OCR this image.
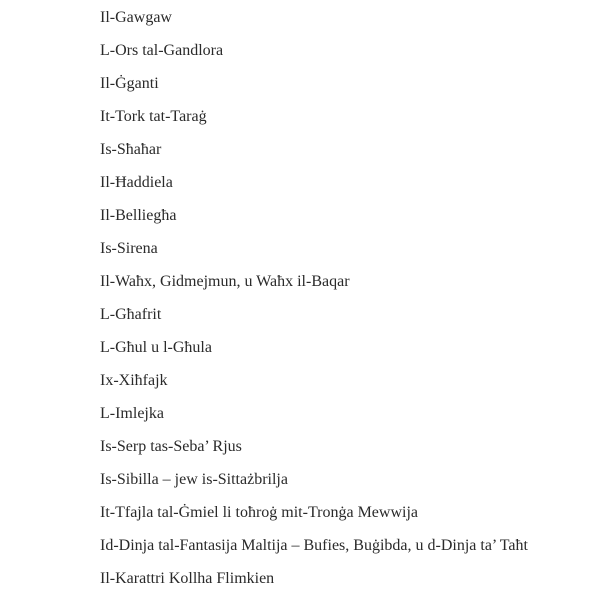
Il-Gawgaw
L-Ors tal-Gandlora
Il-Ġganti
It-Tork tat-Taraġ
Is-Sħaħar
Il-Ħaddiela
Il-Belliegħa
Is-Sirena
Il-Waħx, Gidmejmun, u Waħx il-Baqar
L-Għafrit
L-Għul u l-Għula
Ix-Xiħfajk
L-Imlejka
Is-Serp tas-Seba’ Rjus
Is-Sibilla – jew is-Sittażbrilja
It-Tfajla tal-Ġmiel li toħroġ mit-Tronġa Mewwija
Id-Dinja tal-Fantasija Maltija – Bufies, Buġibda, u d-Dinja ta’ Taħt
Il-Karattri Kollha Flimkien
